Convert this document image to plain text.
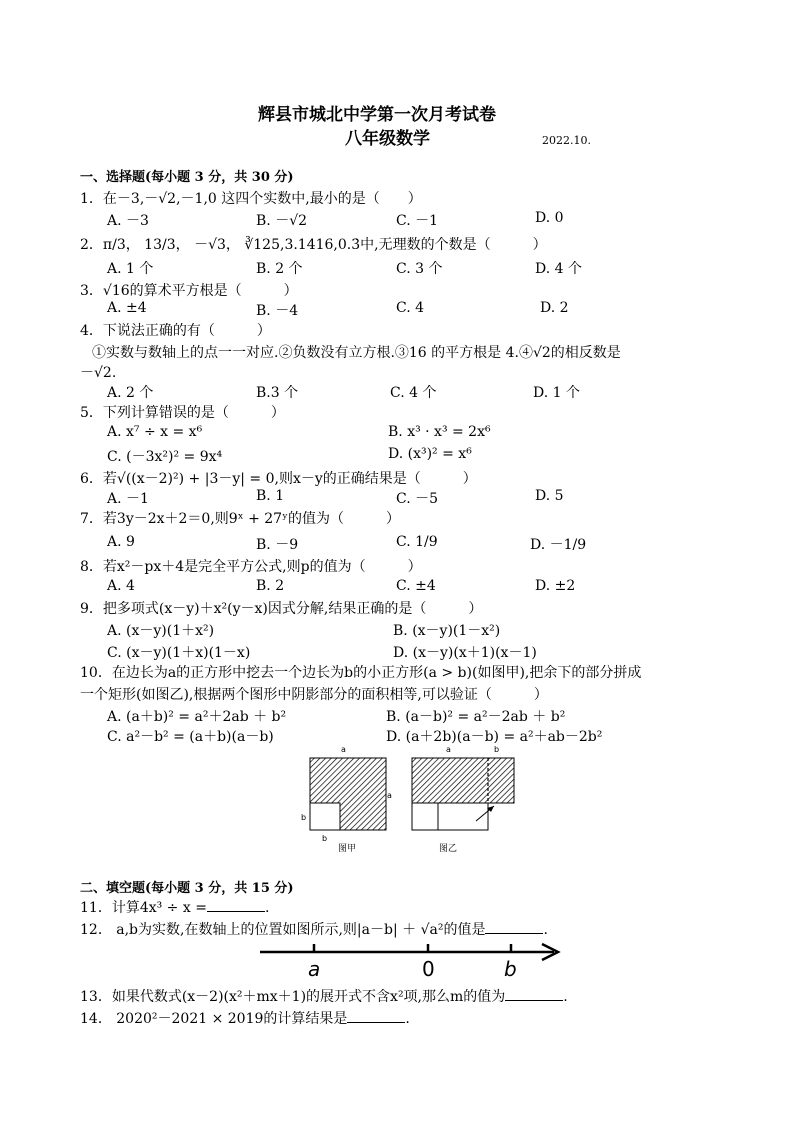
辉县市城北中学第一次月考试卷
八年级数学	2022.10.
一、选择题(每小题 3 分，共 30 分)
1．在－3,－√2,－1,0 这四个实数中,最小的是（　　）
A. －3	B. －√2	C. －1	D. 0
2．π/3， 13/3， －√3， ∛125,3.1416,0.3̇中,无理数的个数是（　　　）
A. 1 个	B. 2 个	C. 3 个	D. 4 个
3．√16的算术平方根是（　　　）
A. ±4	B. －4	C. 4	D. 2
4．下说法正确的有（　　　）
①实数与数轴上的点一一对应.②负数没有立方根.③16 的平方根是 4.④√2的相反数是
－√2.
A. 2 个	B.3 个	C. 4 个	D. 1 个
5．下列计算错误的是（　　　）
A. x⁷ ÷ x = x⁶	B. x³ · x³ = 2x⁶
C. (－3x²)² = 9x⁴	D. (x³)² = x⁶
6．若√((x－2)²) + |3－y| = 0,则x－y的正确结果是（　　　）
A. －1	B. 1	C. －5	D. 5
7．若3y－2x＋2＝0,则9ˣ + 27ʸ的值为（　　　）
A. 9	B. －9	C. 1/9	D. －1/9
8．若x²－px＋4是完全平方公式,则p的值为（　　　）
A. 4	B. 2	C. ±4	D. ±2
9．把多项式(x－y)＋x²(y－x)因式分解,结果正确的是（　　　）
A. (x－y)(1＋x²)	B. (x－y)(1－x²)
C. (x－y)(1＋x)(1－x)	D. (x－y)(x＋1)(x－1)
10．在边长为a的正方形中挖去一个边长为b的小正方形(a > b)(如图甲),把余下的部分拼成
一个矩形(如图乙),根据两个图形中阴影部分的面积相等,可以验证（　　　）
A. (a＋b)² = a²＋2ab ＋ b²	B. (a－b)² = a²－2ab ＋ b²
C. a²－b² = (a＋b)(a－b)	D. (a＋2b)(a－b) = a²＋ab－2b²
a
a
b
b
图甲
a	b
图乙
二、填空题(每小题 3 分，共 15 分)
11．计算4x³ ÷ x =	.
12． a,b为实数,在数轴上的位置如图所示,则|a－b| ＋ √a²的值是	.
a	0	b
13．如果代数式(x－2)(x²＋mx＋1)的展开式不含x²项,那么m的值为	.
14． 2020²－2021 × 2019的计算结果是	.
